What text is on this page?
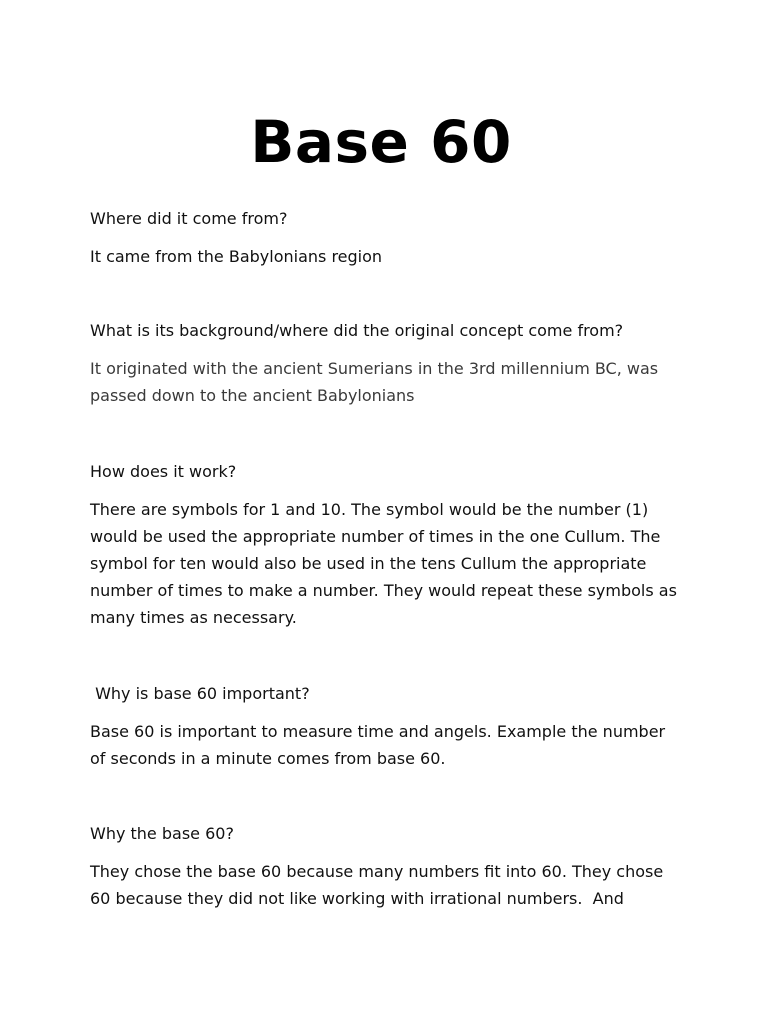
Base 60
Where did it come from?
It came from the Babylonians region
What is its background/where did the original concept come from?
It originated with the ancient Sumerians in the 3rd millennium BC, was passed down to the ancient Babylonians
How does it work?
There are symbols for 1 and 10. The symbol would be the number (1) would be used the appropriate number of times in the one Cullum. The symbol for ten would also be used in the tens Cullum the appropriate number of times to make a number. They would repeat these symbols as many times as necessary.
Why is base 60 important?
Base 60 is important to measure time and angels. Example the number of seconds in a minute comes from base 60.
Why the base 60?
They chose the base 60 because many numbers fit into 60. They chose 60 because they did not like working with irrational numbers.  And
